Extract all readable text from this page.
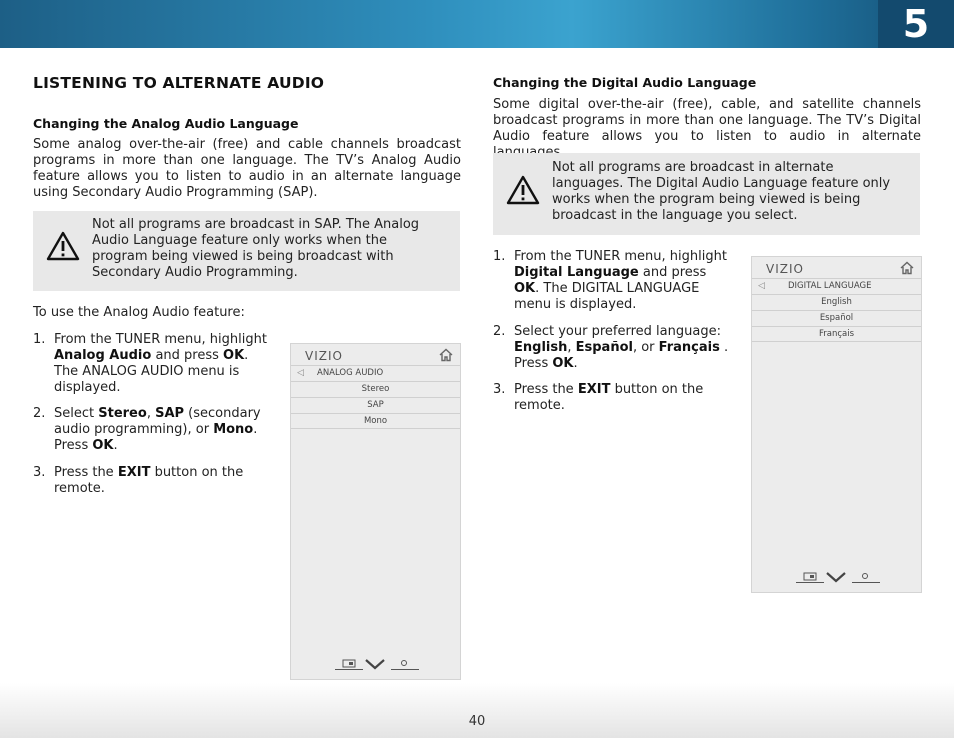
5
LISTENING TO ALTERNATE AUDIO
Changing the Analog Audio Language

Some analog over-the-air (free) and cable channels broadcast programs in more than one language. The TV’s Analog Audio feature allows you to listen to audio in an alternate language using Secondary Audio Programming (SAP).

Not all programs are broadcast in SAP. The Analog Audio Language feature only works when the program being viewed is being broadcast with Secondary Audio Programming.

To use the Analog Audio feature:

1. From the TUNER menu, highlight Analog Audio and press OK. The ANALOG AUDIO menu is displayed.
2. Select Stereo, SAP (secondary audio programming), or Mono. Press OK.
3. Press the EXIT button on the remote.
VIZIO
◁ ANALOG AUDIO
Stereo
SAP
Mono
Changing the Digital Audio Language

Some digital over-the-air (free), cable, and satellite channels broadcast programs in more than one language. The TV’s Digital Audio feature allows you to listen to audio in alternate

Not all programs are broadcast in alternate languages. The Digital Audio Language feature only works when the program being viewed is being broadcast in the language you select.

1. From the TUNER menu, highlight Digital Language and press OK. The DIGITAL LANGUAGE menu is displayed.
2. Select your preferred language: English, Español, or Français . Press OK.
3. Press the EXIT button on the remote.
VIZIO
◁	DIGITAL LANGUAGE
English
Español
Français
40
